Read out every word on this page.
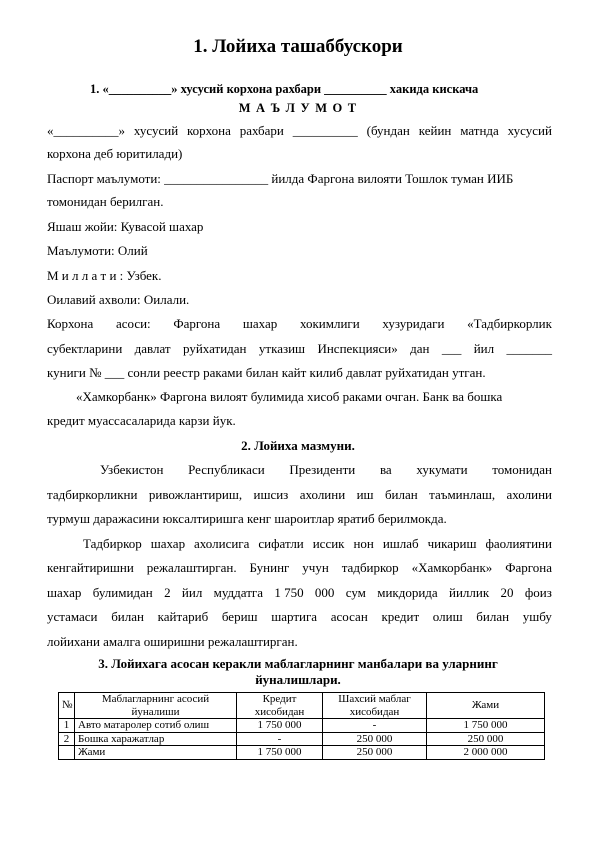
1. Лойиха ташаббускори
1. «__________» хусусий корхона рахбари __________ хакида киcкача
М А Ъ Л У М О Т
«__________» хусусий корхона рахбари __________ (бундан кейин матнда хусусий
корхона деб юритилади)
Паспорт маълумоти: ________________ йилда Фаргона вилояти Тошлок туман ИИБ
томонидан берилган.
Яшаш жойи: Кувасой шахар
Маълумоти: Олий
М и л л а т и : Узбек.
Оилавий ахволи: Оилали.
Корхона асоси: Фаргона шахар хокимлиги хузуридаги «Тадбиркорлик
субектларини давлат руйхатидан утказиш Инспекцияси» дан ___ йил _______
куниги № ___ сонли реестр раками билан кайт килиб давлат руйхатидан утган.
«Хамкорбанк» Фаргона вилоят булимида хисоб раками очган. Банк ва бошка
кредит муассасаларида карзи йук.
2. Лойиха мазмуни.
Узбекистон Республикаси Президенти ва хукумати томонидан
тадбиркорликни ривожлантириш, ишсиз ахолини иш билан таъминлаш, ахолини
турмуш даражасини юксалтиришга кенг шароитлар яратиб берилмокда.
Тадбиркор шахар ахолисига сифатли иссик нон ишлаб чикариш фаолиятини
кенгайтиришни режалаштирган. Бунинг учун тадбиркор «Хамкорбанк» Фаргона
шахар булимидан 2 йил муддатга 1 750 000 сум микдорида йиллик 20 фоиз
устамаси билан кайтариб бериш шартига асосан кредит олиш билан ушбу
лойихани амалга оширишни режалаштирган.
3. Лойихага асосан керакли маблагларнинг манбалари ва уларнинг
йуналишлари.
№	Маблагларнинг асосий йуналиши	Кредит хисобидан	Шахсий маблаг хисобидан	Жами
1	Авто матаролер сотиб олиш	1 750 000	-	1 750 000
2	Бошка харажатлар	-	250 000	250 000
	Жами	1 750 000	250 000	2 000 000
